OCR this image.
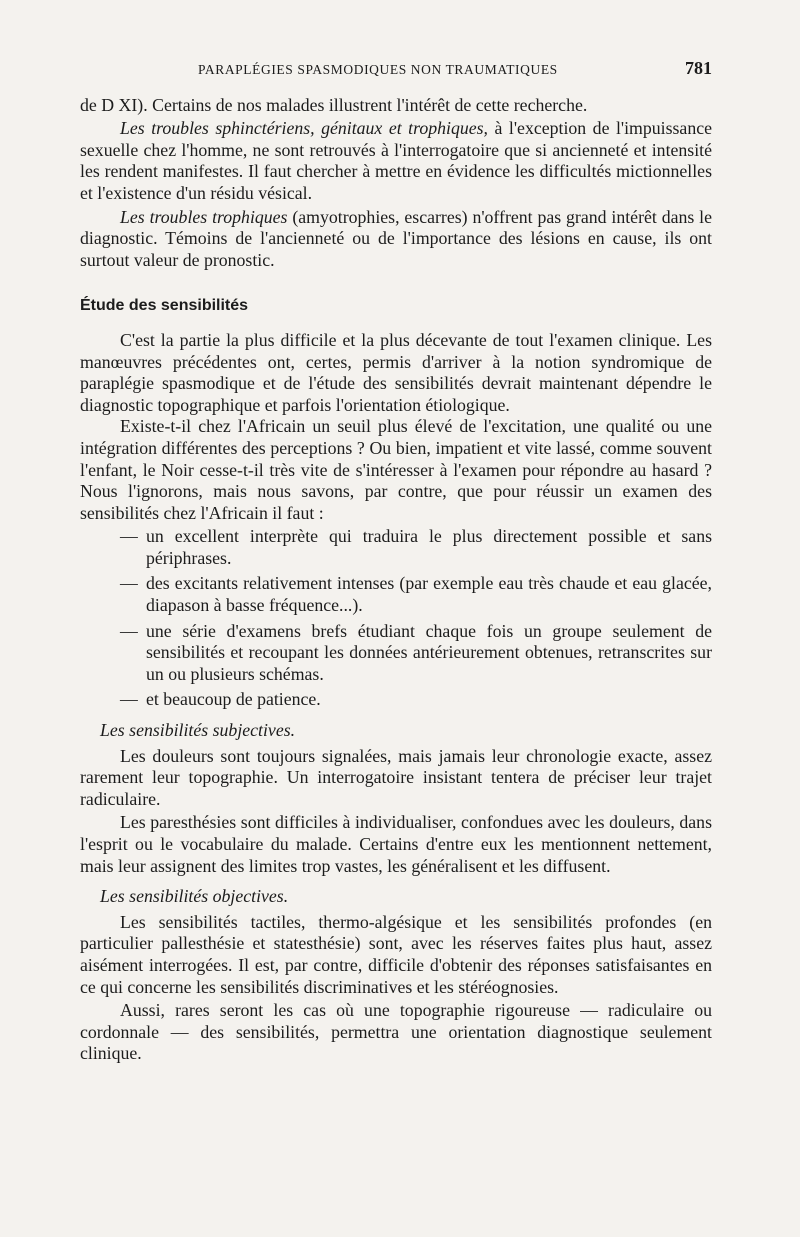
PARAPLÉGIES SPASMODIQUES NON TRAUMATIQUES	781

de D XI). Certains de nos malades illustrent l'intérêt de cette recherche.

Les troubles sphinctériens, génitaux et trophiques, à l'exception de l'impuissance sexuelle chez l'homme, ne sont retrouvés à l'interrogatoire que si ancienneté et intensité les rendent manifestes. Il faut chercher à mettre en évidence les difficultés mictionnelles et l'existence d'un résidu vésical.

Les troubles trophiques (amyotrophies, escarres) n'offrent pas grand intérêt dans le diagnostic. Témoins de l'ancienneté ou de l'importance des lésions en cause, ils ont surtout valeur de pronostic.

Étude des sensibilités

C'est la partie la plus difficile et la plus décevante de tout l'examen clinique. Les manœuvres précédentes ont, certes, permis d'arriver à la notion syndromique de paraplégie spasmodique et de l'étude des sensibilités devrait maintenant dépendre le diagnostic topographique et parfois l'orientation étiologique.

Existe-t-il chez l'Africain un seuil plus élevé de l'excitation, une qualité ou une intégration différentes des perceptions ? Ou bien, impatient et vite lassé, comme souvent l'enfant, le Noir cesse-t-il très vite de s'intéresser à l'examen pour répondre au hasard ? Nous l'ignorons, mais nous savons, par contre, que pour réussir un examen des sensibilités chez l'Africain il faut :

— un excellent interprète qui traduira le plus directement possible et sans périphrases.
— des excitants relativement intenses (par exemple eau très chaude et eau glacée, diapason à basse fréquence...).
— une série d'examens brefs étudiant chaque fois un groupe seulement de sensibilités et recoupant les données antérieurement obtenues, retranscrites sur un ou plusieurs schémas.
— et beaucoup de patience.
Les sensibilités subjectives.

Les douleurs sont toujours signalées, mais jamais leur chronologie exacte, assez rarement leur topographie. Un interrogatoire insistant tentera de préciser leur trajet radiculaire.

Les paresthésies sont difficiles à individualiser, confondues avec les douleurs, dans l'esprit ou le vocabulaire du malade. Certains d'entre eux les mentionnent nettement, mais leur assignent des limites trop vastes, les généralisent et les diffusent.

Les sensibilités objectives.

Les sensibilités tactiles, thermo-algésique et les sensibilités profondes (en particulier pallesthésie et statesthésie) sont, avec les réserves faites plus haut, assez aisément interrogées. Il est, par contre, difficile d'obtenir des réponses satisfaisantes en ce qui concerne les sensibilités discriminatives et les stéréognosies.

Aussi, rares seront les cas où une topographie rigoureuse — radiculaire ou cordonnale — des sensibilités, permettra une orientation diagnostique seulement clinique.
